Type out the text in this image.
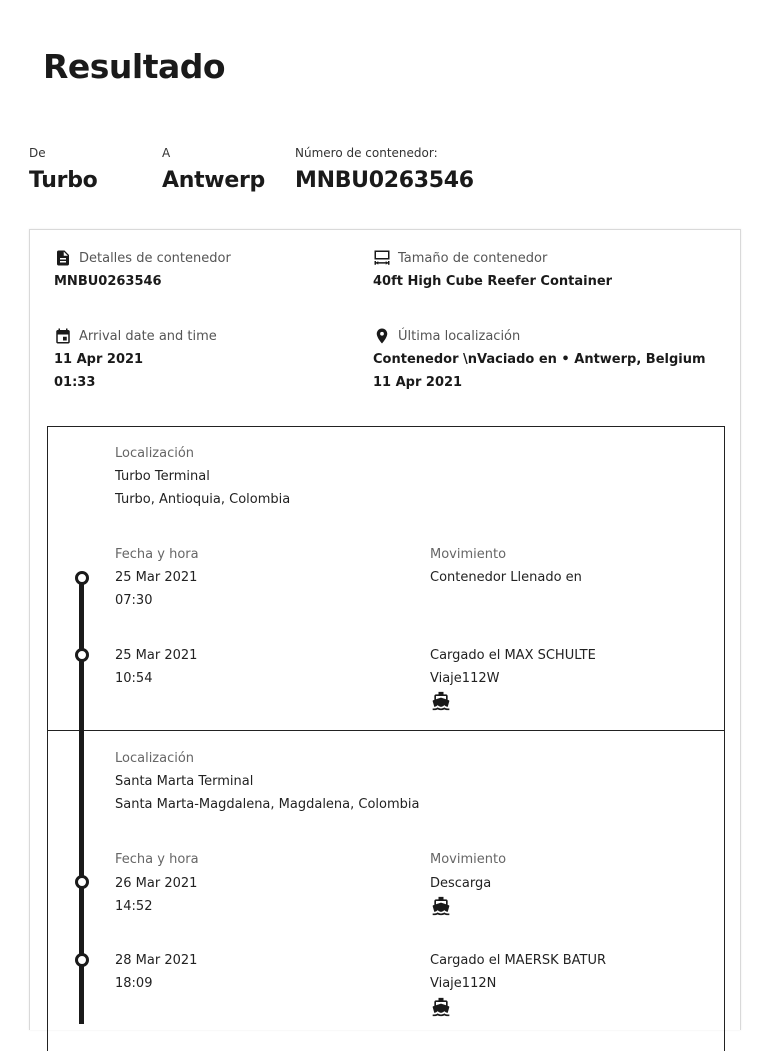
Resultado
De
Turbo
A
Antwerp
Número de contenedor:
MNBU0263546
Detalles de contenedor
MNBU0263546
Tamaño de contenedor
40ft High Cube Reefer Container
Arrival date and time
11 Apr 2021
01:33
Última localización
Contenedor \nVaciado en • Antwerp, Belgium
11 Apr 2021
Localización
Turbo Terminal
Turbo, Antioquia, Colombia
Fecha y hora	Movimiento
25 Mar 2021
07:30
Contenedor Llenado en
25 Mar 2021
10:54
Cargado el MAX SCHULTE
Viaje112W
Localización
Santa Marta Terminal
Santa Marta-Magdalena, Magdalena, Colombia
Fecha y hora	Movimiento
26 Mar 2021
14:52
Descarga
28 Mar 2021
18:09
Cargado el MAERSK BATUR
Viaje112N
